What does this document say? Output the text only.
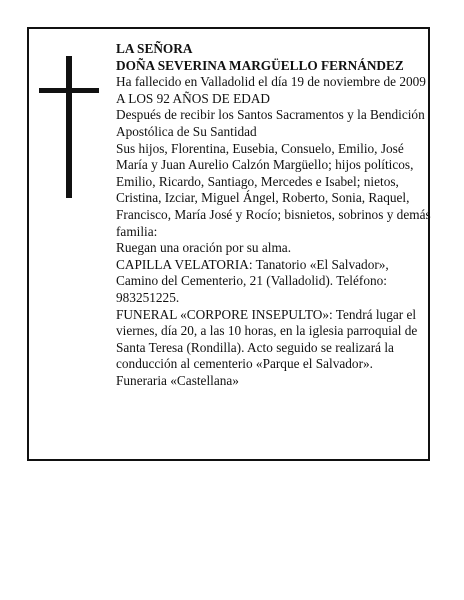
LA SEÑORA

DOÑA SEVERINA MARGÜELLO FERNÁNDEZ

Ha fallecido en Valladolid el día 19 de noviembre de 2009

A LOS 92 AÑOS DE EDAD

Después de recibir los Santos Sacramentos y la Bendición Apostólica de Su Santidad

Sus hijos, Florentina, Eusebia, Consuelo, Emilio, José María y Juan Aurelio Calzón Margüello; hijos políticos, Emilio, Ricardo, Santiago, Mercedes e Isabel; nietos, Cristina, Izciar, Miguel Ángel, Roberto, Sonia, Raquel, Francisco, María José y Rocío; bisnietos, sobrinos y demás familia:

Ruegan una oración por su alma.

CAPILLA VELATORIA: Tanatorio «El Salvador», Camino del Cementerio, 21 (Valladolid). Teléfono: 983251225.

FUNERAL «CORPORE INSEPULTO»: Tendrá lugar el viernes, día 20, a las 10 horas, en la iglesia parroquial de Santa Teresa (Rondilla). Acto seguido se realizará la conducción al cementerio «Parque el Salvador».

Funeraria «Castellana»
